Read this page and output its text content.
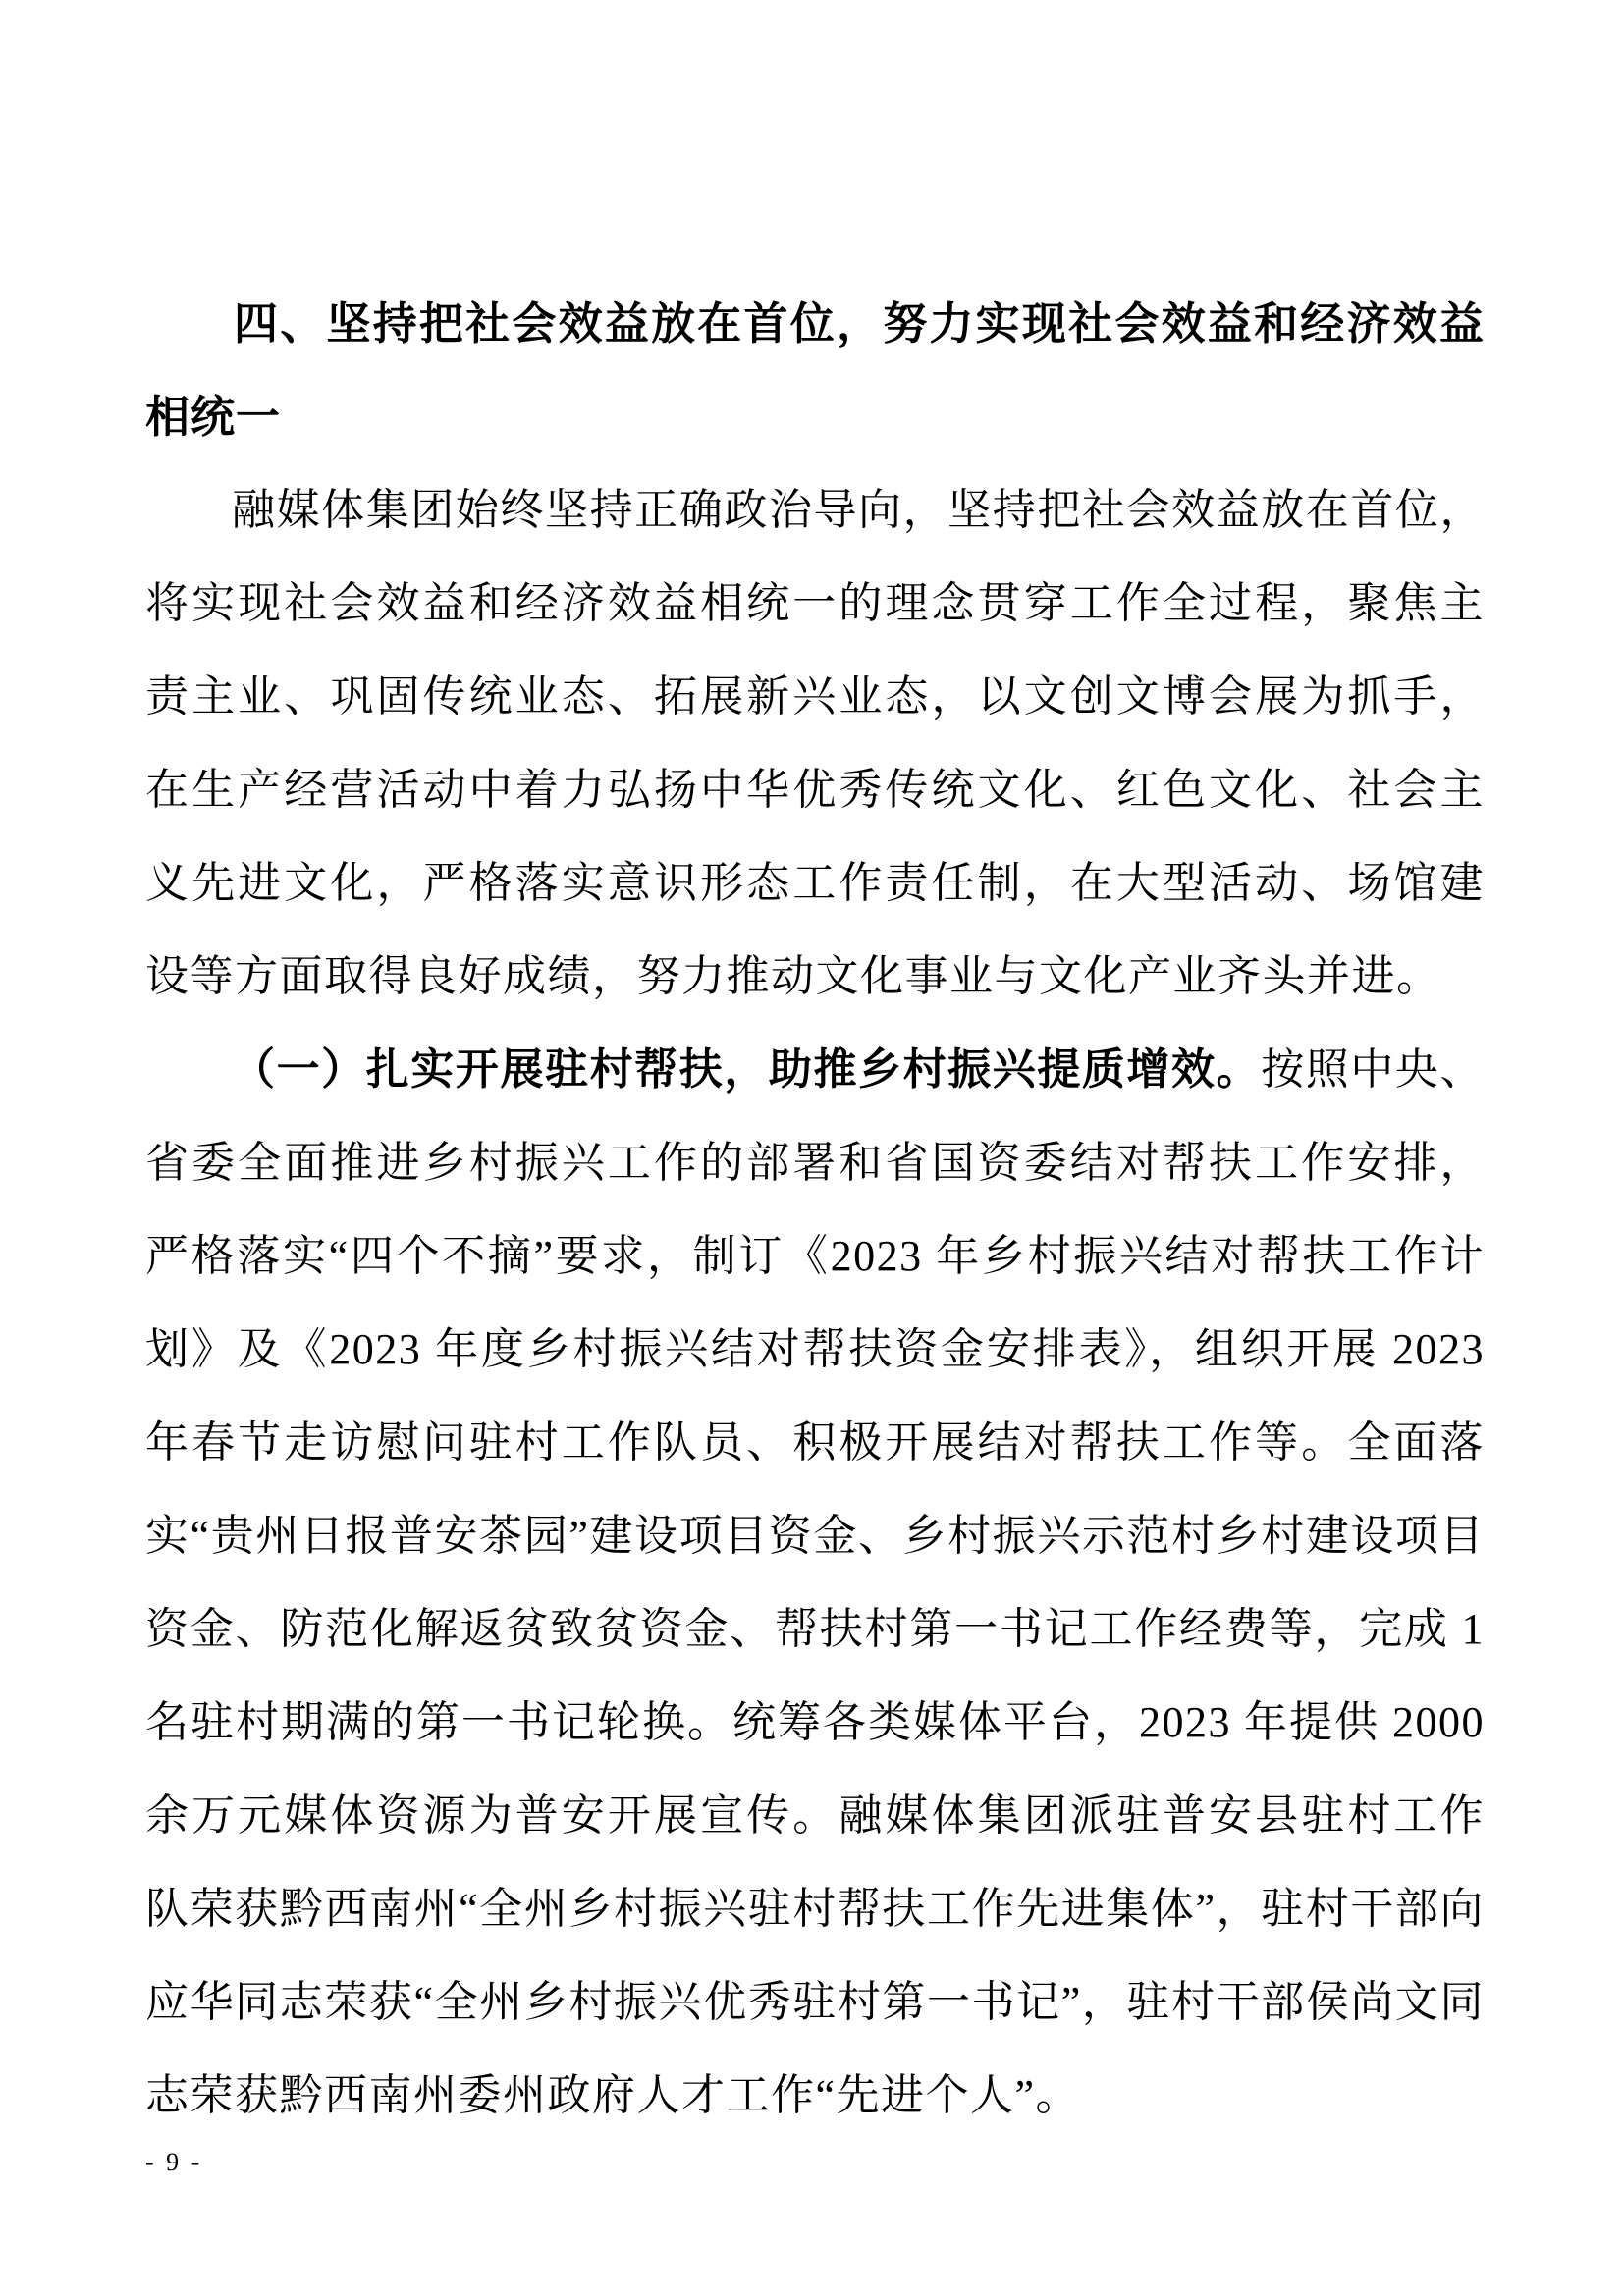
四、坚持把社会效益放在首位，努力实现社会效益和经济效益相统一

融媒体集团始终坚持正确政治导向，坚持把社会效益放在首位，将实现社会效益和经济效益相统一的理念贯穿工作全过程，聚焦主责主业、巩固传统业态、拓展新兴业态，以文创文博会展为抓手，在生产经营活动中着力弘扬中华优秀传统文化、红色文化、社会主义先进文化，严格落实意识形态工作责任制，在大型活动、场馆建设等方面取得良好成绩，努力推动文化事业与文化产业齐头并进。

（一）扎实开展驻村帮扶，助推乡村振兴提质增效。按照中央、省委全面推进乡村振兴工作的部署和省国资委结对帮扶工作安排，严格落实“四个不摘”要求，制订《2023 年乡村振兴结对帮扶工作计划》及《2023 年度乡村振兴结对帮扶资金安排表》，组织开展 2023 年春节走访慰问驻村工作队员、积极开展结对帮扶工作等。全面落实“贵州日报普安茶园”建设项目资金、乡村振兴示范村乡村建设项目资金、防范化解返贫致贫资金、帮扶村第一书记工作经费等，完成 1 名驻村期满的第一书记轮换。统筹各类媒体平台，2023 年提供 2000 余万元媒体资源为普安开展宣传。融媒体集团派驻普安县驻村工作队荣获黔西南州“全州乡村振兴驻村帮扶工作先进集体”，驻村干部向应华同志荣获“全州乡村振兴优秀驻村第一书记”，驻村干部侯尚文同志荣获黔西南州委州政府人才工作“先进个人”。

- 9 -
